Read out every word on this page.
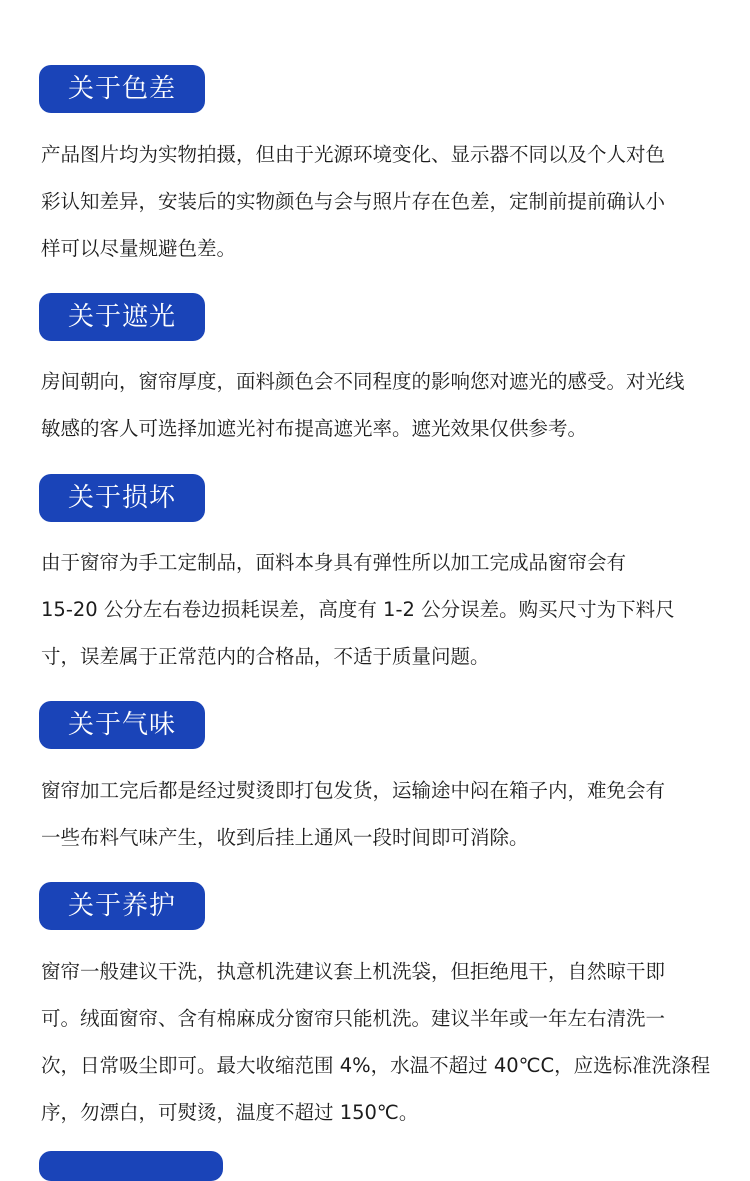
关于色差

产品图片均为实物拍摄，但由于光源环境变化、显示器不同以及个人对色
彩认知差异，安装后的实物颜色与会与照片存在色差，定制前提前确认小
样可以尽量规避色差。

关于遮光

房间朝向，窗帘厚度，面料颜色会不同程度的影响您对遮光的感受。对光线
敏感的客人可选择加遮光衬布提高遮光率。遮光效果仅供参考。

关于损坏

由于窗帘为手工定制品，面料本身具有弹性所以加工完成品窗帘会有
15-20 公分左右卷边损耗误差，高度有 1-2 公分误差。购买尺寸为下料尺
寸，误差属于正常范内的合格品，不适于质量问题。

关于气味

窗帘加工完后都是经过熨烫即打包发货，运输途中闷在箱子内，难免会有
一些布料气味产生，收到后挂上通风一段时间即可消除。

关于养护

窗帘一般建议干洗，执意机洗建议套上机洗袋，但拒绝甩干，自然晾干即
可。绒面窗帘、含有棉麻成分窗帘只能机洗。建议半年或一年左右清洗一
次，日常吸尘即可。最大收缩范围 4%，水温不超过 40℃C，应选标准洗涤程
序，勿漂白，可熨烫，温度不超过 150℃。
